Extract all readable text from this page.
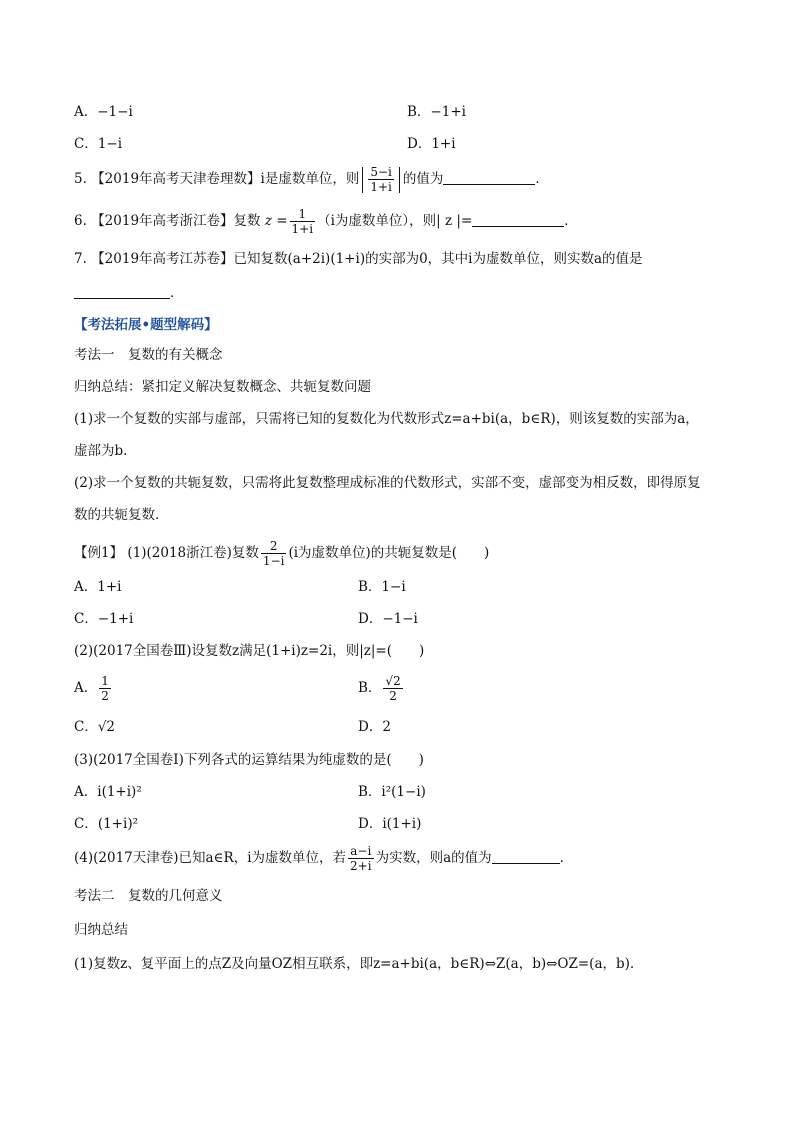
A．−1−i	B．−1+i
C．1−i	D．1+i
5. 【2019年高考天津卷理数】i是虚数单位，则 $\frac{5-i}{1+i}$ 的值为	．
6. 【2019年高考浙江卷】复数 $z = \frac{1}{1+i} (i$为虚数单位），则| z |=	．
7. 【2019年高考江苏卷】已知复数(a+2i)(1+i)的实部为0，其中i为虚数单位，则实数a的值是
．
【考法拓展•题型解码】
考法一　复数的有关概念
归纳总结：紧扣定义解决复数概念、共轭复数问题
(1)求一个复数的实部与虚部，只需将已知的复数化为代数形式z=a+bi(a，b∈R)，则该复数的实部为a，
虚部为b.
(2)求一个复数的共轭复数，只需将此复数整理成标准的代数形式，实部不变，虚部变为相反数，即得原复
数的共轭复数．
【例1】 (1)(2018浙江卷)复数 $\frac{2}{1-i} (i$为虚数单位)的共轭复数是(　　)
A．1+i	B．1−i
C．−1+i	D．−1−i
(2)(2017全国卷Ⅲ)设复数z满足(1+i)z=2i，则|z|=(　　)
A． $\frac{1}{2}$	B． $\frac{√2}{2}$
C．√2	D．2
(3)(2017全国卷Ⅰ)下列各式的运算结果为纯虚数的是(　　)
A．i(1+i)²	B．i²(1−i)
C．(1+i)²	D．i(1+i)
(4)(2017天津卷)已知a∈R，i为虚数单位，若 $\frac{a-i}{2+i}$ 为实数，则a的值为	．
考法二　复数的几何意义
归纳总结
(1)复数z、复平面上的点Z及向量OZ相互联系，即z=a+bi(a，b∈R)⇔Z(a，b)⇔OZ=(a，b).
